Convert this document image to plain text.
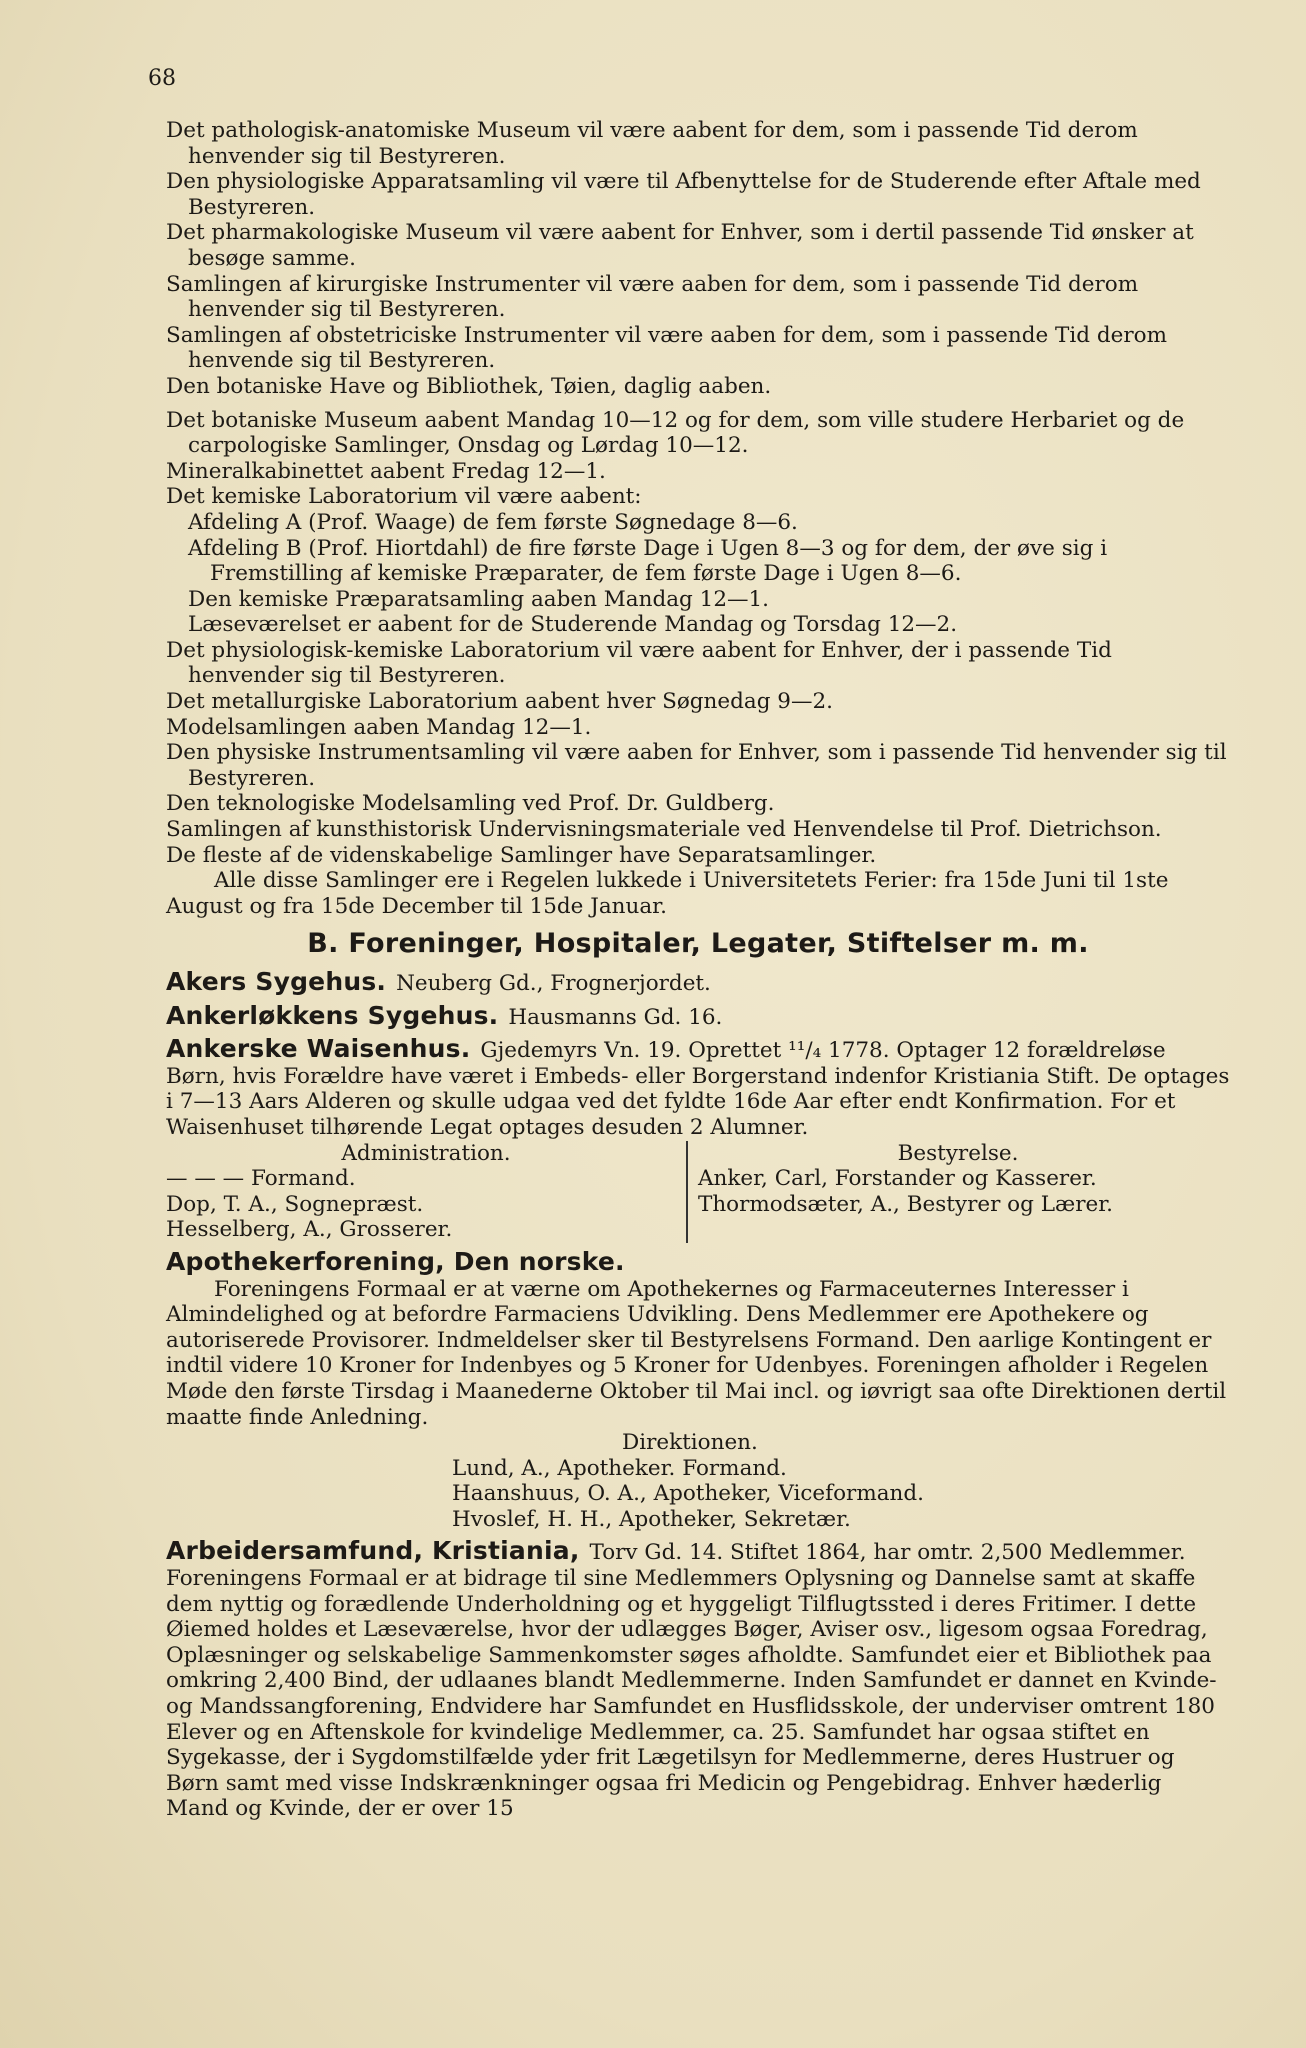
68

Det pathologisk-anatomiske Museum vil være aabent for dem, som i passende Tid derom henvender sig til Bestyreren.

Den physiologiske Apparatsamling vil være til Afbenyttelse for de Studerende efter Aftale med Bestyreren.

Det pharmakologiske Museum vil være aabent for Enhver, som i dertil passende Tid ønsker at besøge samme.

Samlingen af kirurgiske Instrumenter vil være aaben for dem, som i passende Tid derom henvender sig til Bestyreren.

Samlingen af obstetriciske Instrumenter vil være aaben for dem, som i passende Tid derom henvende sig til Bestyreren.

Den botaniske Have og Bibliothek, Tøien, daglig aaben.

Det botaniske Museum aabent Mandag 10—12 og for dem, som ville studere Herbariet og de carpologiske Samlinger, Onsdag og Lørdag 10—12.

Mineralkabinettet aabent Fredag 12—1.

Det kemiske Laboratorium vil være aabent:

Afdeling A (Prof. Waage) de fem første Søgnedage 8—6.

Afdeling B (Prof. Hiortdahl) de fire første Dage i Ugen 8—3 og for dem, der øve sig i Fremstilling af kemiske Præparater, de fem første Dage i Ugen 8—6.

Den kemiske Præparatsamling aaben Mandag 12—1.

Læseværelset er aabent for de Studerende Mandag og Torsdag 12—2.

Det physiologisk-kemiske Laboratorium vil være aabent for Enhver, der i passende Tid henvender sig til Bestyreren.

Det metallurgiske Laboratorium aabent hver Søgnedag 9—2.

Modelsamlingen aaben Mandag 12—1.

Den physiske Instrumentsamling vil være aaben for Enhver, som i passende Tid henvender sig til Bestyreren.

Den teknologiske Modelsamling ved Prof. Dr. Guldberg.

Samlingen af kunsthistorisk Undervisningsmateriale ved Henvendelse til Prof. Dietrichson.

De fleste af de videnskabelige Samlinger have Separatsamlinger.

Alle disse Samlinger ere i Regelen lukkede i Universitetets Ferier: fra 15de Juni til 1ste August og fra 15de December til 15de Januar.

B. Foreninger, Hospitaler, Legater, Stiftelser m. m.
Akers Sygehus. Neuberg Gd., Frognerjordet.
Ankerløkkens Sygehus. Hausmanns Gd. 16.
Ankerske Waisenhus. Gjedemyrs Vn. 19. Oprettet ¹¹/₄ 1778. Optager 12 forældreløse Børn, hvis Forældre have været i Embeds- eller Borgerstand indenfor Kristiania Stift. De optages i 7—13 Aars Alderen og skulle udgaa ved det fyldte 16de Aar efter endt Konfirmation. For et Waisenhuset tilhørende Legat optages desuden 2 Alumner.

Administration.

— — — Formand.

Dop, T. A., Sognepræst.

Hesselberg, A., Grosserer.

Bestyrelse.

Anker, Carl, Forstander og Kasserer.

Thormodsæter, A., Bestyrer og Lærer.

Apothekerforening, Den norske.

Foreningens Formaal er at værne om Apothekernes og Farmaceuternes Interesser i Almindelighed og at befordre Farmaciens Udvikling. Dens Medlemmer ere Apothekere og autoriserede Provisorer. Indmeldelser sker til Bestyrelsens Formand. Den aarlige Kontingent er indtil videre 10 Kroner for Indenbyes og 5 Kroner for Udenbyes. Foreningen afholder i Regelen Møde den første Tirsdag i Maanederne Oktober til Mai incl. og iøvrigt saa ofte Direktionen dertil maatte finde Anledning.

Direktionen.

Lund, A., Apotheker. Formand.

Haanshuus, O. A., Apotheker, Viceformand.

Hvoslef, H. H., Apotheker, Sekretær.

Arbeidersamfund, Kristiania, Torv Gd. 14. Stiftet 1864, har omtr. 2,500 Medlemmer. Foreningens Formaal er at bidrage til sine Medlemmers Oplysning og Dannelse samt at skaffe dem nyttig og forædlende Underholdning og et hyggeligt Tilflugtssted i deres Fritimer. I dette Øiemed holdes et Læseværelse, hvor der udlægges Bøger, Aviser osv., ligesom ogsaa Foredrag, Oplæsninger og selskabelige Sammenkomster søges afholdte. Samfundet eier et Bibliothek paa omkring 2,400 Bind, der udlaanes blandt Medlemmerne. Inden Samfundet er dannet en Kvinde- og Mandssangforening, Endvidere har Samfundet en Husflidsskole, der underviser omtrent 180 Elever og en Aftenskole for kvindelige Medlemmer, ca. 25. Samfundet har ogsaa stiftet en Sygekasse, der i Sygdomstilfælde yder frit Lægetilsyn for Medlemmerne, deres Hustruer og Børn samt med visse Indskrænkninger ogsaa fri Medicin og Pengebidrag. Enhver hæderlig Mand og Kvinde, der er over 15
